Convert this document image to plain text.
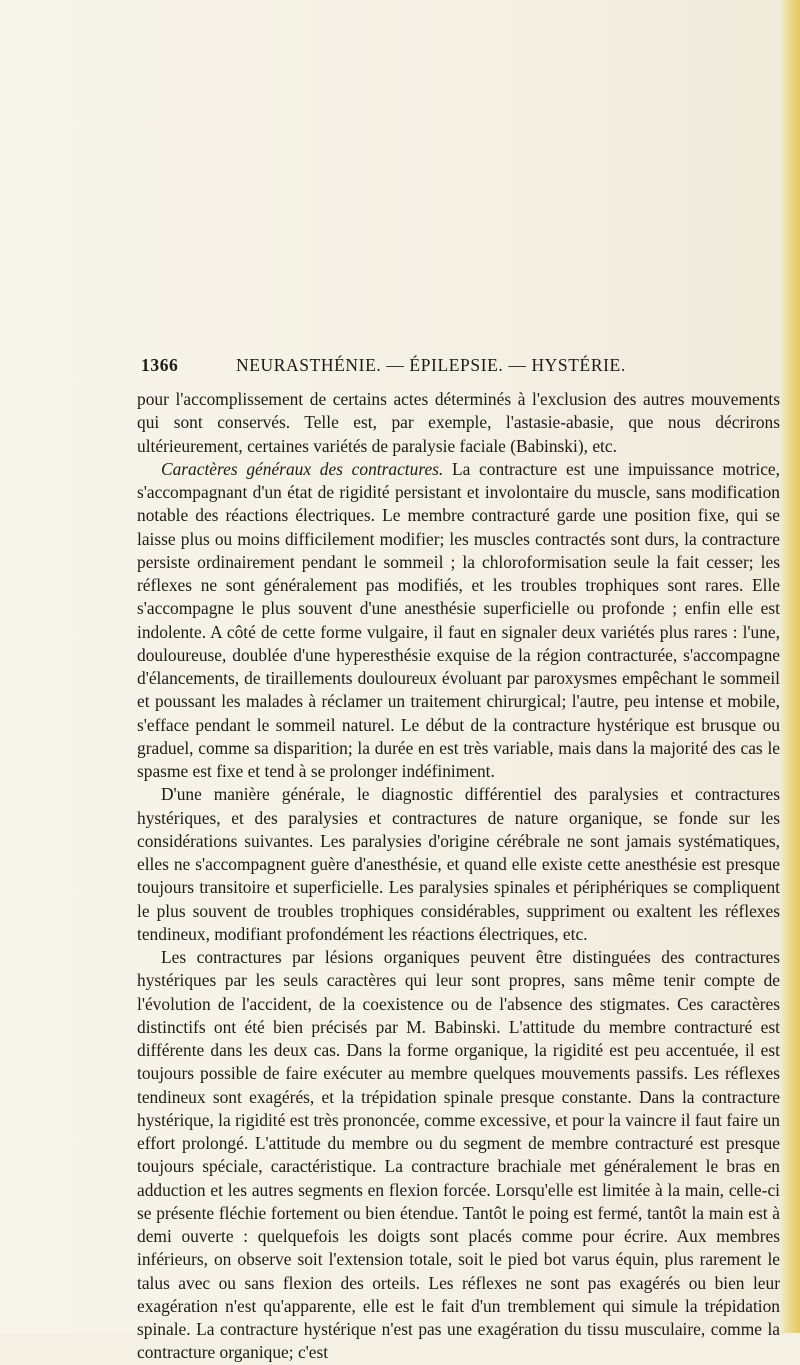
1366	NEURASTHÉNIE. — ÉPILEPSIE. — HYSTÉRIE.

pour l'accomplissement de certains actes déterminés à l'exclusion des autres mouvements qui sont conservés. Telle est, par exemple, l'astasie-abasie, que nous décrirons ultérieurement, certaines variétés de paralysie faciale (Babinski), etc.

Caractères généraux des contractures. La contracture est une impuissance motrice, s'accompagnant d'un état de rigidité persistant et involontaire du muscle, sans modification notable des réactions électriques. Le membre contracturé garde une position fixe, qui se laisse plus ou moins difficilement modifier; les muscles contractés sont durs, la contracture persiste ordinairement pendant le sommeil ; la chloroformisation seule la fait cesser; les réflexes ne sont généralement pas modifiés, et les troubles trophiques sont rares. Elle s'accompagne le plus souvent d'une anesthésie superficielle ou profonde ; enfin elle est indolente. A côté de cette forme vulgaire, il faut en signaler deux variétés plus rares : l'une, douloureuse, doublée d'une hyperesthésie exquise de la région contracturée, s'accompagne d'élancements, de tiraillements douloureux évoluant par paroxysmes empêchant le sommeil et poussant les malades à réclamer un traitement chirurgical; l'autre, peu intense et mobile, s'efface pendant le sommeil naturel. Le début de la contracture hystérique est brusque ou graduel, comme sa disparition; la durée en est très variable, mais dans la majorité des cas le spasme est fixe et tend à se prolonger indéfiniment.

D'une manière générale, le diagnostic différentiel des paralysies et contractures hystériques, et des paralysies et contractures de nature organique, se fonde sur les considérations suivantes. Les paralysies d'origine cérébrale ne sont jamais systématiques, elles ne s'accompagnent guère d'anesthésie, et quand elle existe cette anesthésie est presque toujours transitoire et superficielle. Les paralysies spinales et périphériques se compliquent le plus souvent de troubles trophiques considérables, suppriment ou exaltent les réflexes tendineux, modifiant profondément les réactions électriques, etc.

Les contractures par lésions organiques peuvent être distinguées des contractures hystériques par les seuls caractères qui leur sont propres, sans même tenir compte de l'évolution de l'accident, de la coexistence ou de l'absence des stigmates. Ces caractères distinctifs ont été bien précisés par M. Babinski. L'attitude du membre contracturé est différente dans les deux cas. Dans la forme organique, la rigidité est peu accentuée, il est toujours possible de faire exécuter au membre quelques mouvements passifs. Les réflexes tendineux sont exagérés, et la trépidation spinale presque constante. Dans la contracture hystérique, la rigidité est très prononcée, comme excessive, et pour la vaincre il faut faire un effort prolongé. L'attitude du membre ou du segment de membre contracturé est presque toujours spéciale, caractéristique. La contracture brachiale met généralement le bras en adduction et les autres segments en flexion forcée. Lorsqu'elle est limitée à la main, celle-ci se présente fléchie fortement ou bien étendue. Tantôt le poing est fermé, tantôt la main est à demi ouverte : quelquefois les doigts sont placés comme pour écrire. Aux membres inférieurs, on observe soit l'extension totale, soit le pied bot varus équin, plus rarement le talus avec ou sans flexion des orteils. Les réflexes ne sont pas exagérés ou bien leur exagération n'est qu'apparente, elle est le fait d'un tremblement qui simule la trépidation spinale. La contracture hystérique n'est pas une exagération du tissu musculaire, comme la contracture organique; c'est
